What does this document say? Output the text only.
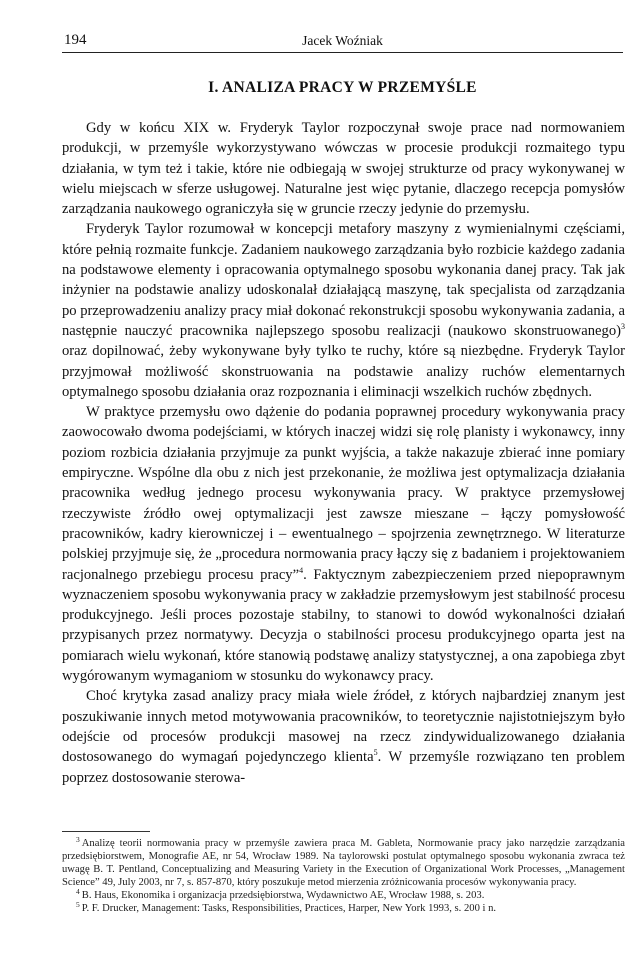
194	Jacek Woźniak
I. ANALIZA PRACY W PRZEMYŚLE

Gdy w końcu XIX w. Fryderyk Taylor rozpoczynał swoje prace nad normowaniem produkcji, w przemyśle wykorzystywano wówczas w procesie produkcji rozmaitego typu działania, w tym też i takie, które nie odbiegają w swojej strukturze od pracy wykonywanej w wielu miejscach w sferze usługowej. Naturalne jest więc pytanie, dlaczego recepcja pomysłów zarządzania naukowego ograniczyła się w gruncie rzeczy jedynie do przemysłu.

Fryderyk Taylor rozumował w koncepcji metafory maszyny z wymienialnymi częściami, które pełnią rozmaite funkcje. Zadaniem naukowego zarządzania było rozbicie każdego zadania na podstawowe elementy i opracowania optymalnego sposobu wykonania danej pracy. Tak jak inżynier na podstawie analizy udoskonalał działającą maszynę, tak specjalista od zarządzania po przeprowadzeniu analizy pracy miał dokonać rekonstrukcji sposobu wykonywania zadania, a następnie nauczyć pracownika najlepszego sposobu realizacji (naukowo skonstruowanego)$^3$ oraz dopilnować, żeby wykonywane były tylko te ruchy, które są niezbędne. Fryderyk Taylor przyjmował możliwość skonstruowania na podstawie analizy ruchów elementarnych optymalnego sposobu działania oraz rozpoznania i eliminacji wszelkich ruchów zbędnych.

W praktyce przemysłu owo dążenie do podania poprawnej procedury wykonywania pracy zaowocowało dwoma podejściami, w których inaczej widzi się rolę planisty i wykonawcy, inny poziom rozbicia działania przyjmuje za punkt wyjścia, a także nakazuje zbierać inne pomiary empiryczne. Wspólne dla obu z nich jest przekonanie, że możliwa jest optymalizacja działania pracownika według jednego procesu wykonywania pracy. W praktyce przemysłowej rzeczywiste źródło owej optymalizacji jest zawsze mieszane – łączy pomysłowość pracowników, kadry kierowniczej i – ewentualnego – spojrzenia zewnętrznego. W literaturze polskiej przyjmuje się, że „procedura normowania pracy łączy się z badaniem i projektowaniem racjonalnego przebiegu procesu pracy”$^4$. Faktycznym zabezpieczeniem przed niepoprawnym wyznaczeniem sposobu wykonywania pracy w zakładzie przemysłowym jest stabilność procesu produkcyjnego. Jeśli proces pozostaje stabilny, to stanowi to dowód wykonalności działań przypisanych przez normatywy. Decyzja o stabilności procesu produkcyjnego oparta jest na pomiarach wielu wykonań, które stanowią podstawę analizy statystycznej, a ona zapobiega zbyt wygórowanym wymaganiom w stosunku do wykonawcy pracy.

Choć krytyka zasad analizy pracy miała wiele źródeł, z których najbardziej znanym jest poszukiwanie innych metod motywowania pracowników, to teoretycznie najistotniejszym było odejście od procesów produkcji masowej na rzecz zindywidualizowanego działania dostosowanego do wymagań pojedynczego klienta$^5$. W przemyśle rozwiązano ten problem poprzez dostosowanie sterowa-

$^3$ Analizę teorii normowania pracy w przemyśle zawiera praca M. Gableta, Normowanie pracy jako narzędzie zarządzania przedsiębiorstwem, Monografie AE, nr 54, Wrocław 1989. Na taylorowski postulat optymalnego sposobu wykonania zwraca też uwagę B. T. Pentland, Conceptualizing and Measuring Variety in the Execution of Organizational Work Processes, „Management Science” 49, July 2003, nr 7, s. 857-870, który poszukuje metod mierzenia zróżnicowania procesów wykonywania pracy.

$^4$ B. Haus, Ekonomika i organizacja przedsiębiorstwa, Wydawnictwo AE, Wrocław 1988, s. 203.

$^5$ P. F. Drucker, Management: Tasks, Responsibilities, Practices, Harper, New York 1993, s. 200 i n.
